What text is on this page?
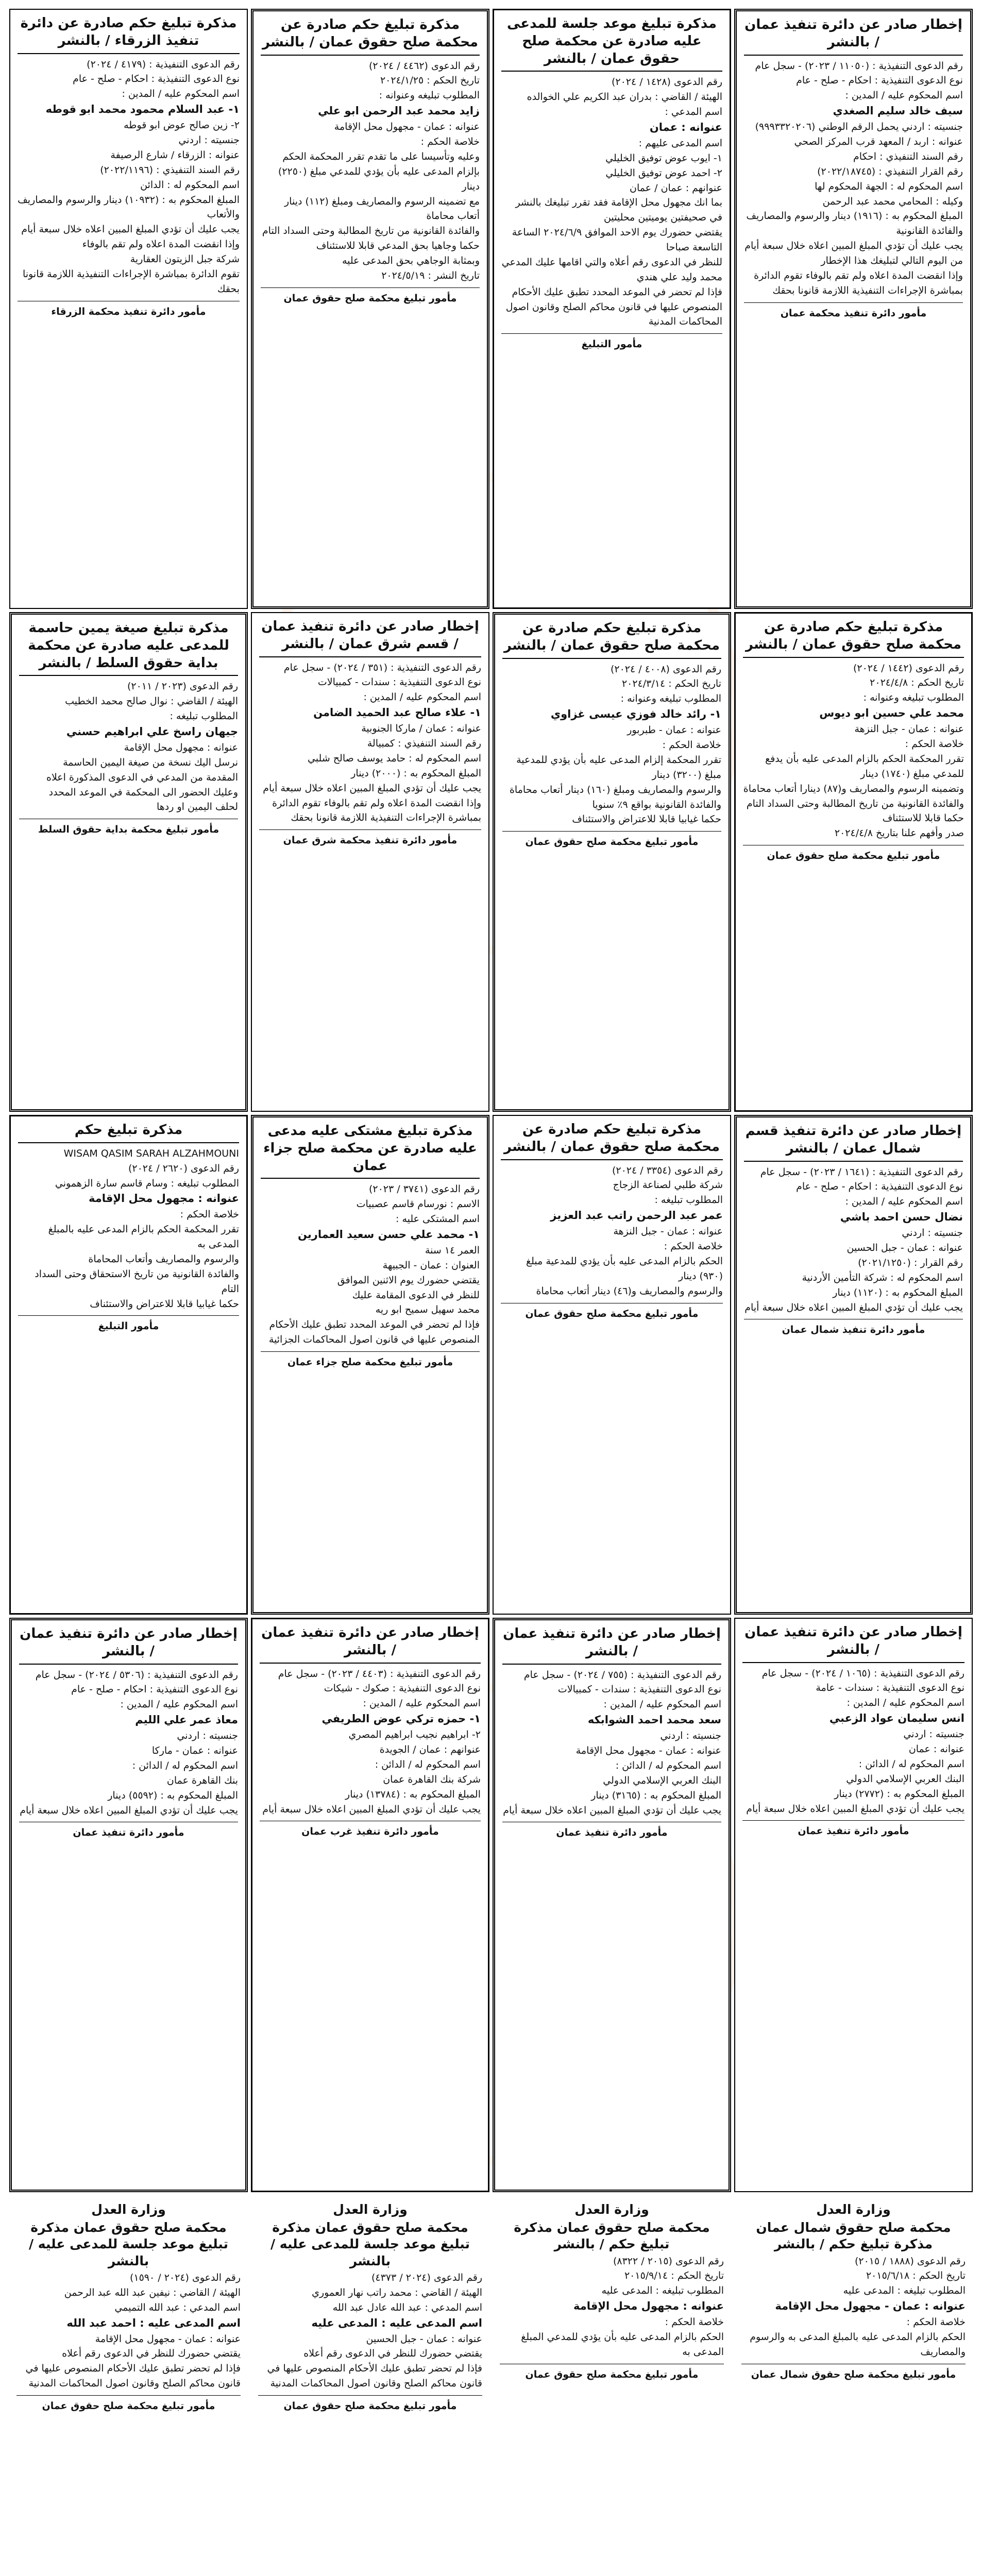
مذكرة تبليغ حكم صادرة عن دائرة تنفيذ الزرقاء / بالنشر
رقم الدعوى التنفيذية : (٤١٧٩ / ٢٠٢٤)
نوع الدعوى التنفيذية : احكام - صلح - عام
اسم المحكوم عليه / المدين :
١- عبد السلام محمود محمد ابو قوطه
٢- زين صالح عوض ابو قوطه
جنسيته : اردني
عنوانه : الزرقاء / شارع الرصيفة
رقم السند التنفيذي : (٢٠٢٢/١١٩٦)
اسم المحكوم له : الدائن
المبلغ المحكوم به : (١٠٩٣٢) دينار والرسوم والمصاريف والأتعاب
يجب عليك أن تؤدي المبلغ المبين اعلاه خلال سبعة أيام
وإذا انقضت المدة اعلاه ولم تقم بالوفاء
شركة جبل الزيتون العقارية
تقوم الدائرة بمباشرة الإجراءات التنفيذية اللازمة قانونا بحقك
مأمور دائرة تنفيذ محكمة الزرقاء
مذكرة تبليغ حكم صادرة عن محكمة صلح حقوق عمان / بالنشر
رقم الدعوى (٤٤٦٢ / ٢٠٢٤)
تاريخ الحكم : ٢٠٢٤/١/٢٥
المطلوب تبليغه وعنوانه :
زايد محمد عبد الرحمن ابو علي
عنوانه : عمان - مجهول محل الإقامة
خلاصة الحكم :
وعليه وتأسيسا على ما تقدم تقرر المحكمة الحكم بإلزام المدعى عليه بأن يؤدي للمدعي مبلغ (٢٢٥٠) دينار
مع تضمينه الرسوم والمصاريف ومبلغ (١١٢) دينار أتعاب محاماة
والفائدة القانونية من تاريخ المطالبة وحتى السداد التام
حكما وجاهيا بحق المدعي قابلا للاستئناف
وبمثابة الوجاهي بحق المدعى عليه
تاريخ النشر : ٢٠٢٤/٥/١٩
مأمور تبليغ محكمة صلح حقوق عمان
مذكرة تبليغ موعد جلسة للمدعى عليه صادرة عن محكمة صلح حقوق عمان / بالنشر
رقم الدعوى (١٤٢٨ / ٢٠٢٤)
الهيئة / القاضي : بدران عبد الكريم علي الخوالده
اسم المدعي :
عنوانه : عمان
اسم المدعى عليهم :
١- ايوب عوض توفيق الخليلي
٢- احمد عوض توفيق الخليلي
عنوانهم : عمان / عمان
بما انك مجهول محل الإقامة فقد تقرر تبليغك بالنشر في صحيفتين يوميتين محليتين
يقتضي حضورك يوم الاحد الموافق ٢٠٢٤/٦/٩ الساعة التاسعة صباحا
للنظر في الدعوى رقم أعلاه والتي اقامها عليك المدعي
محمد وليد علي هندي
فإذا لم تحضر في الموعد المحدد تطبق عليك الأحكام المنصوص عليها في قانون محاكم الصلح وقانون اصول المحاكمات المدنية
مأمور التبليغ
إخطار صادر عن دائرة تنفيذ عمان / بالنشر
رقم الدعوى التنفيذية : (١١٠٥٠ / ٢٠٢٣) - سجل عام
نوع الدعوى التنفيذية : احكام - صلح - عام
اسم المحكوم عليه / المدين :
سيف خالد سليم الصغدي
جنسيته : اردني يحمل الرقم الوطني (٩٩٩٣٣٢٠٢٠٦)
عنوانه : اربد / المعهد قرب المركز الصحي
رقم السند التنفيذي : احكام
رقم القرار التنفيذي : (٢٠٢٢/١٨٧٤٥)
اسم المحكوم له : الجهة المحكوم لها
وكيله : المحامي محمد عبد الرحمن
المبلغ المحكوم به : (١٩١٦) دينار والرسوم والمصاريف والفائدة القانونية
يجب عليك أن تؤدي المبلغ المبين اعلاه خلال سبعة أيام من اليوم التالي لتبليغك هذا الإخطار
وإذا انقضت المدة اعلاه ولم تقم بالوفاء تقوم الدائرة بمباشرة الإجراءات التنفيذية اللازمة قانونا بحقك
مأمور دائرة تنفيذ محكمة عمان
مذكرة تبليغ صيغة يمين حاسمة للمدعى عليه صادرة عن محكمة بداية حقوق السلط / بالنشر
رقم الدعوى (٢٠٢٣ / ٢٠١١)
الهيئة / القاضي : نوال صالح محمد الخطيب
المطلوب تبليغه :
جيهان راسخ علي ابراهيم حسني
عنوانه : مجهول محل الإقامة
نرسل اليك نسخة من صيغة اليمين الحاسمة
المقدمة من المدعي في الدعوى المذكورة اعلاه
وعليك الحضور الى المحكمة في الموعد المحدد
لحلف اليمين او ردها
مأمور تبليغ محكمة بداية حقوق السلط
إخطار صادر عن دائرة تنفيذ عمان / قسم شرق عمان / بالنشر
رقم الدعوى التنفيذية : (٣٥١ / ٢٠٢٤) - سجل عام
نوع الدعوى التنفيذية : سندات - كمبيالات
اسم المحكوم عليه / المدين :
١- علاء صالح عبد الحميد الضامن
عنوانه : عمان / ماركا الجنوبية
رقم السند التنفيذي : كمبيالة
اسم المحكوم له : حامد يوسف صالح شلبي
المبلغ المحكوم به : (٢٠٠٠) دينار
يجب عليك أن تؤدي المبلغ المبين اعلاه خلال سبعة أيام
وإذا انقضت المدة اعلاه ولم تقم بالوفاء تقوم الدائرة بمباشرة الإجراءات التنفيذية اللازمة قانونا بحقك
مأمور دائرة تنفيذ محكمة شرق عمان
مذكرة تبليغ حكم صادرة عن محكمة صلح حقوق عمان / بالنشر
رقم الدعوى (٤٠٠٨ / ٢٠٢٤)
تاريخ الحكم : ٢٠٢٤/٣/١٤
المطلوب تبليغه وعنوانه :
١- رائد خالد فوزي عيسى غزاوي
عنوانه : عمان - طبربور
خلاصة الحكم :
تقرر المحكمة إلزام المدعى عليه بأن يؤدي للمدعية مبلغ (٣٢٠٠) دينار
والرسوم والمصاريف ومبلغ (١٦٠) دينار أتعاب محاماة
والفائدة القانونية بواقع ٩٪ سنويا
حكما غيابيا قابلا للاعتراض والاستئناف
مأمور تبليغ محكمة صلح حقوق عمان
مذكرة تبليغ حكم صادرة عن محكمة صلح حقوق عمان / بالنشر
رقم الدعوى (١٤٤٢ / ٢٠٢٤)
تاريخ الحكم : ٢٠٢٤/٤/٨
المطلوب تبليغه وعنوانه :
محمد علي حسين ابو ديوس
عنوانه : عمان - جبل النزهة
خلاصة الحكم :
تقرر المحكمة الحكم بالزام المدعى عليه بأن يدفع للمدعي مبلغ (١٧٤٠) دينار
وتضمينه الرسوم والمصاريف و(٨٧) دينارا أتعاب محاماة
والفائدة القانونية من تاريخ المطالبة وحتى السداد التام
حكما قابلا للاستئناف
صدر وأفهم علنا بتاريخ ٢٠٢٤/٤/٨
مأمور تبليغ محكمة صلح حقوق عمان
مذكرة تبليغ حكم
WISAM QASIM SARAH ALZAHMOUNI
رقم الدعوى (٢٦٢٠ / ٢٠٢٤)
المطلوب تبليغه : وسام قاسم سارة الزهموني
عنوانه : مجهول محل الإقامة
خلاصة الحكم :
تقرر المحكمة الحكم بالزام المدعى عليه بالمبلغ المدعى به
والرسوم والمصاريف وأتعاب المحاماة
والفائدة القانونية من تاريخ الاستحقاق وحتى السداد التام
حكما غيابيا قابلا للاعتراض والاستئناف
مأمور التبليغ
مذكرة تبليغ مشتكى عليه مدعى عليه صادرة عن محكمة صلح جزاء عمان
رقم الدعوى (٣٧٤١ / ٢٠٢٣)
الاسم : نورسام قاسم عصبيات
اسم المشتكى عليه :
١- محمد علي حسن سعيد العمارين
العمر ١٤ سنة
العنوان : عمان - الجبيهة
يقتضي حضورك يوم الاثنين الموافق
للنظر في الدعوى المقامة عليك
محمد سهيل سميح ابو ريه
فإذا لم تحضر في الموعد المحدد تطبق عليك الأحكام المنصوص عليها في قانون اصول المحاكمات الجزائية
مأمور تبليغ محكمة صلح جزاء عمان
مذكرة تبليغ حكم صادرة عن محكمة صلح حقوق عمان / بالنشر
رقم الدعوى (٣٣٥٤ / ٢٠٢٤)
شركة طلبي لصناعة الزجاج
المطلوب تبليغه :
عمر عبد الرحمن راتب عبد العزيز
عنوانه : عمان - جبل النزهة
خلاصة الحكم :
الحكم بالزام المدعى عليه بأن يؤدي للمدعية مبلغ (٩٣٠) دينار
والرسوم والمصاريف و(٤٦) دينار أتعاب محاماة
مأمور تبليغ محكمة صلح حقوق عمان
إخطار صادر عن دائرة تنفيذ قسم شمال عمان / بالنشر
رقم الدعوى التنفيذية : (١٦٤١ / ٢٠٢٣) - سجل عام
نوع الدعوى التنفيذية : احكام - صلح - عام
اسم المحكوم عليه / المدين :
نضال حسن احمد باشي
جنسيته : اردني
عنوانه : عمان - جبل الحسين
رقم القرار : (٢٠٢١/١٢٥٠)
اسم المحكوم له : شركة التأمين الأردنية
المبلغ المحكوم به : (١١٢٠) دينار
يجب عليك أن تؤدي المبلغ المبين اعلاه خلال سبعة أيام
مأمور دائرة تنفيذ شمال عمان
إخطار صادر عن دائرة تنفيذ عمان / بالنشر
رقم الدعوى التنفيذية : (٥٣٠٦ / ٢٠٢٤) - سجل عام
نوع الدعوى التنفيذية : احكام - صلح - عام
اسم المحكوم عليه / المدين :
معاذ عمر علي الليم
جنسيته : اردني
عنوانه : عمان - ماركا
اسم المحكوم له / الدائن :
بنك القاهرة عمان
المبلغ المحكوم به : (٥٥٩٢) دينار
يجب عليك أن تؤدي المبلغ المبين اعلاه خلال سبعة أيام
مأمور دائرة تنفيذ عمان
إخطار صادر عن دائرة تنفيذ عمان / بالنشر
رقم الدعوى التنفيذية : (٤٤٠٣ / ٢٠٢٣) - سجل عام
نوع الدعوى التنفيذية : صكوك - شيكات
اسم المحكوم عليه / المدين :
١- حمزه تركي عوض الطريفي
٢- ابراهيم نجيب ابراهيم المصري
عنوانهم : عمان / الجويدة
اسم المحكوم له / الدائن :
شركة بنك القاهرة عمان
المبلغ المحكوم به : (١٣٧٨٤) دينار
يجب عليك أن تؤدي المبلغ المبين اعلاه خلال سبعة أيام
مأمور دائرة تنفيذ غرب عمان
إخطار صادر عن دائرة تنفيذ عمان / بالنشر
رقم الدعوى التنفيذية : (٧٥٥ / ٢٠٢٤) - سجل عام
نوع الدعوى التنفيذية : سندات - كمبيالات
اسم المحكوم عليه / المدين :
سعد محمد احمد الشوابكه
جنسيته : اردني
عنوانه : عمان - مجهول محل الإقامة
اسم المحكوم له / الدائن :
البنك العربي الإسلامي الدولي
المبلغ المحكوم به : (٣١٦٥) دينار
يجب عليك أن تؤدي المبلغ المبين اعلاه خلال سبعة أيام
مأمور دائرة تنفيذ عمان
إخطار صادر عن دائرة تنفيذ عمان / بالنشر
رقم الدعوى التنفيذية : (١٠٦٥ / ٢٠٢٤) - سجل عام
نوع الدعوى التنفيذية : سندات - عامة
اسم المحكوم عليه / المدين :
انس سليمان عواد الزعبي
جنسيته : اردني
عنوانه : عمان
اسم المحكوم له / الدائن :
البنك العربي الإسلامي الدولي
المبلغ المحكوم به : (٢٧٧٢) دينار
يجب عليك أن تؤدي المبلغ المبين اعلاه خلال سبعة أيام
مأمور دائرة تنفيذ عمان
وزارة العدل
محكمة صلح حقوق عمان مذكرة تبليغ موعد جلسة للمدعى عليه / بالنشر
رقم الدعوى (٢٠٢٤ / ١٥٩٠)
الهيئة / القاضي : نيفين عبد الله عبد الرحمن
اسم المدعي : عبد الله التميمي
اسم المدعى عليه : احمد عبد الله
عنوانه : عمان - مجهول محل الإقامة
يقتضي حضورك للنظر في الدعوى رقم أعلاه
فإذا لم تحضر تطبق عليك الأحكام المنصوص عليها في قانون محاكم الصلح وقانون اصول المحاكمات المدنية
مأمور تبليغ محكمة صلح حقوق عمان
وزارة العدل
محكمة صلح حقوق عمان مذكرة تبليغ موعد جلسة للمدعى عليه / بالنشر
رقم الدعوى (٢٠٢٤ / ٤٣٧٣)
الهيئة / القاضي : محمد راتب نهار العموري
اسم المدعي : عبد الله عادل عبد الله
اسم المدعى عليه : المدعى عليه
عنوانه : عمان - جبل الحسين
يقتضي حضورك للنظر في الدعوى رقم أعلاه
فإذا لم تحضر تطبق عليك الأحكام المنصوص عليها في قانون محاكم الصلح وقانون اصول المحاكمات المدنية
مأمور تبليغ محكمة صلح حقوق عمان
وزارة العدل
محكمة صلح حقوق عمان مذكرة تبليغ حكم / بالنشر
رقم الدعوى (٢٠١٥ / ٨٣٢٢)
تاريخ الحكم : ٢٠١٥/٩/١٤
المطلوب تبليغه : المدعى عليه
عنوانه : مجهول محل الإقامة
خلاصة الحكم :
الحكم بالزام المدعى عليه بأن يؤدي للمدعي المبلغ المدعى به
مأمور تبليغ محكمة صلح حقوق عمان
وزارة العدل
محكمة صلح حقوق شمال عمان مذكرة تبليغ حكم / بالنشر
رقم الدعوى (١٨٨٨ / ٢٠١٥)
تاريخ الحكم : ٢٠١٥/٦/١٨
المطلوب تبليغه : المدعى عليه
عنوانه : عمان - مجهول محل الإقامة
خلاصة الحكم :
الحكم بالزام المدعى عليه بالمبلغ المدعى به والرسوم والمصاريف
مأمور تبليغ محكمة صلح حقوق شمال عمان
